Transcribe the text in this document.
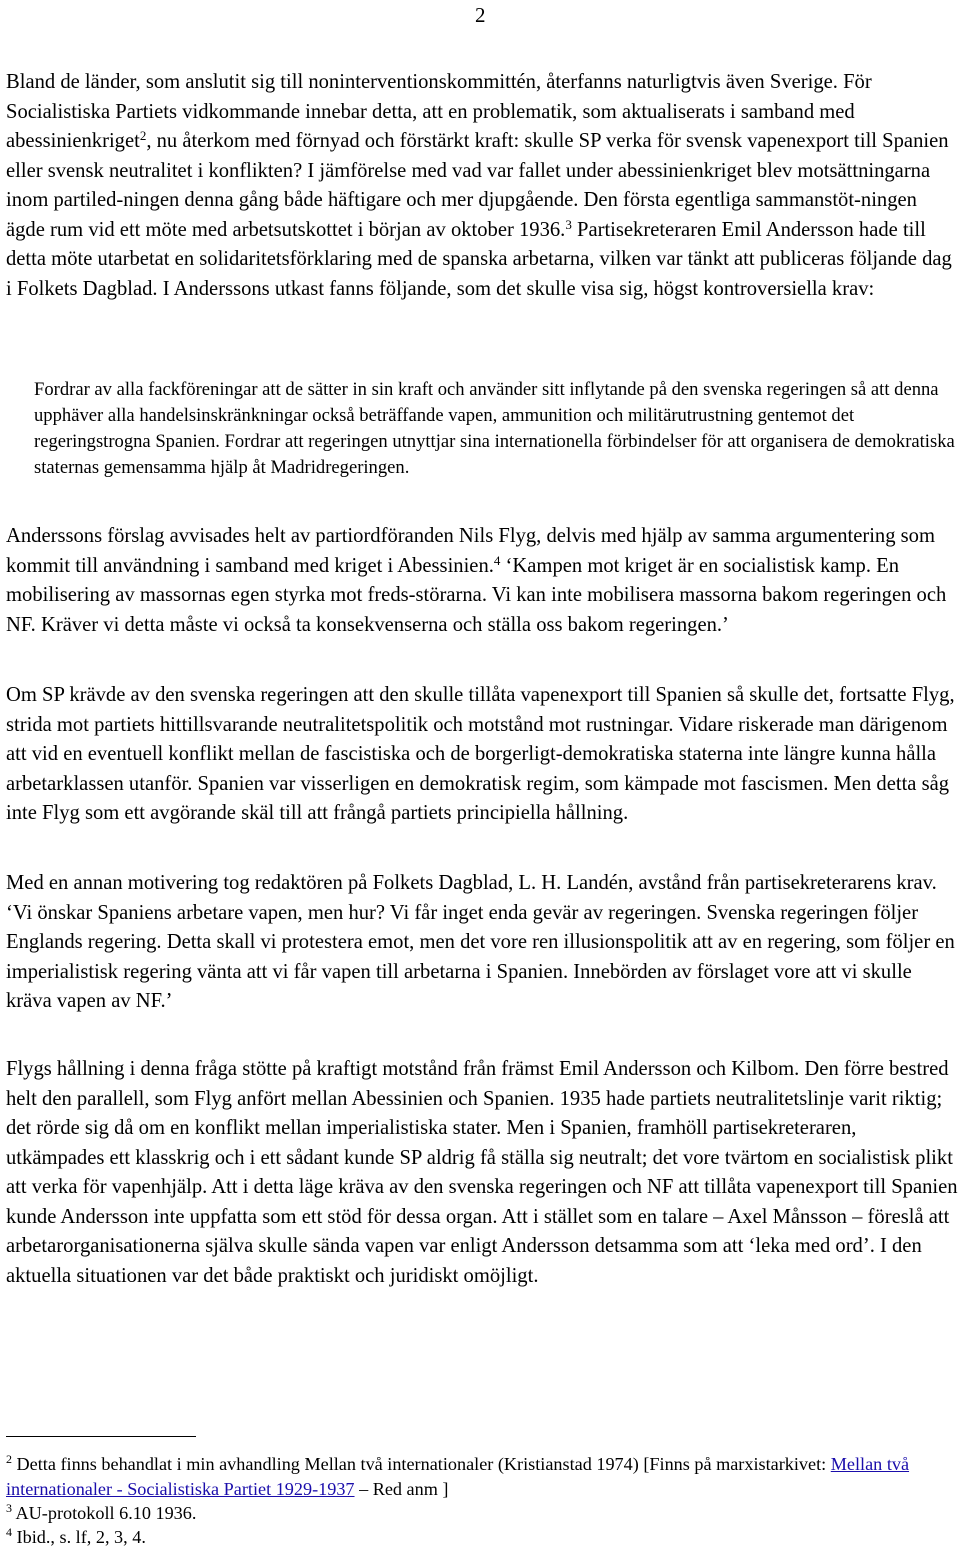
2

Bland de länder, som anslutit sig till noninterventionskommittén, återfanns naturligtvis även Sverige. För Socialistiska Partiets vidkommande innebar detta, att en problematik, som aktualiserats i samband med abessinienkriget$^2$, nu återkom med förnyad och förstärkt kraft: skulle SP verka för svensk vapenexport till Spanien eller svensk neutralitet i konflikten? I jämförelse med vad var fallet under abessinienkriget blev motsättningarna inom partiled-ningen denna gång både häftigare och mer djupgående. Den första egentliga sammanstöt-ningen ägde rum vid ett möte med arbetsutskottet i början av oktober 1936.$^3$ Partisekreteraren Emil Andersson hade till detta möte utarbetat en solidaritetsförklaring med de spanska arbetarna, vilken var tänkt att publiceras följande dag i Folkets Dagblad. I Anderssons utkast fanns följande, som det skulle visa sig, högst kontroversiella krav:

Fordrar av alla fackföreningar att de sätter in sin kraft och använder sitt inflytande på den svenska regeringen så att denna upphäver alla handelsinskränkningar också beträffande vapen, ammunition och militärutrustning gentemot det regeringstrogna Spanien. Fordrar att regeringen utnyttjar sina internationella förbindelser för att organisera de demokratiska staternas gemensamma hjälp åt Madridregeringen.

Anderssons förslag avvisades helt av partiordföranden Nils Flyg, delvis med hjälp av samma argumentering som kommit till användning i samband med kriget i Abessinien.$^4$ ‘Kampen mot kriget är en socialistisk kamp. En mobilisering av massornas egen styrka mot freds-störarna. Vi kan inte mobilisera massorna bakom regeringen och NF. Kräver vi detta måste vi också ta konsekvenserna och ställa oss bakom regeringen.’

Om SP krävde av den svenska regeringen att den skulle tillåta vapenexport till Spanien så skulle det, fortsatte Flyg, strida mot partiets hittillsvarande neutralitetspolitik och motstånd mot rustningar. Vidare riskerade man därigenom att vid en eventuell konflikt mellan de fascistiska och de borgerligt-demokratiska staterna inte längre kunna hålla arbetarklassen utanför. Spanien var visserligen en demokratisk regim, som kämpade mot fascismen. Men detta såg inte Flyg som ett avgörande skäl till att frångå partiets principiella hållning.

Med en annan motivering tog redaktören på Folkets Dagblad, L. H. Landén, avstånd från partisekreterarens krav. ‘Vi önskar Spaniens arbetare vapen, men hur? Vi får inget enda gevär av regeringen. Svenska regeringen följer Englands regering. Detta skall vi protestera emot, men det vore ren illusionspolitik att av en regering, som följer en imperialistisk regering vänta att vi får vapen till arbetarna i Spanien. Innebörden av förslaget vore att vi skulle kräva vapen av NF.’

Flygs hållning i denna fråga stötte på kraftigt motstånd från främst Emil Andersson och Kilbom. Den förre bestred helt den parallell, som Flyg anfört mellan Abessinien och Spanien. 1935 hade partiets neutralitetslinje varit riktig; det rörde sig då om en konflikt mellan imperialistiska stater. Men i Spanien, framhöll partisekreteraren, utkämpades ett klasskrig och i ett sådant kunde SP aldrig få ställa sig neutralt; det vore tvärtom en socialistisk plikt att verka för vapenhjälp. Att i detta läge kräva av den svenska regeringen och NF att tillåta vapenexport till Spanien kunde Andersson inte uppfatta som ett stöd för dessa organ. Att i stället som en talare – Axel Månsson – föreslå att arbetarorganisationerna själva skulle sända vapen var enligt Andersson detsamma som att ‘leka med ord’. I den aktuella situationen var det både praktiskt och juridiskt omöjligt.

$^2$ Detta finns behandlat i min avhandling Mellan två internationaler (Kristianstad 1974) [Finns på marxistarkivet: Mellan två internationaler - Socialistiska Partiet 1929-1937 – Red anm ]

$^3$ AU-protokoll 6.10 1936.

$^4$ Ibid., s. lf, 2, 3, 4.
